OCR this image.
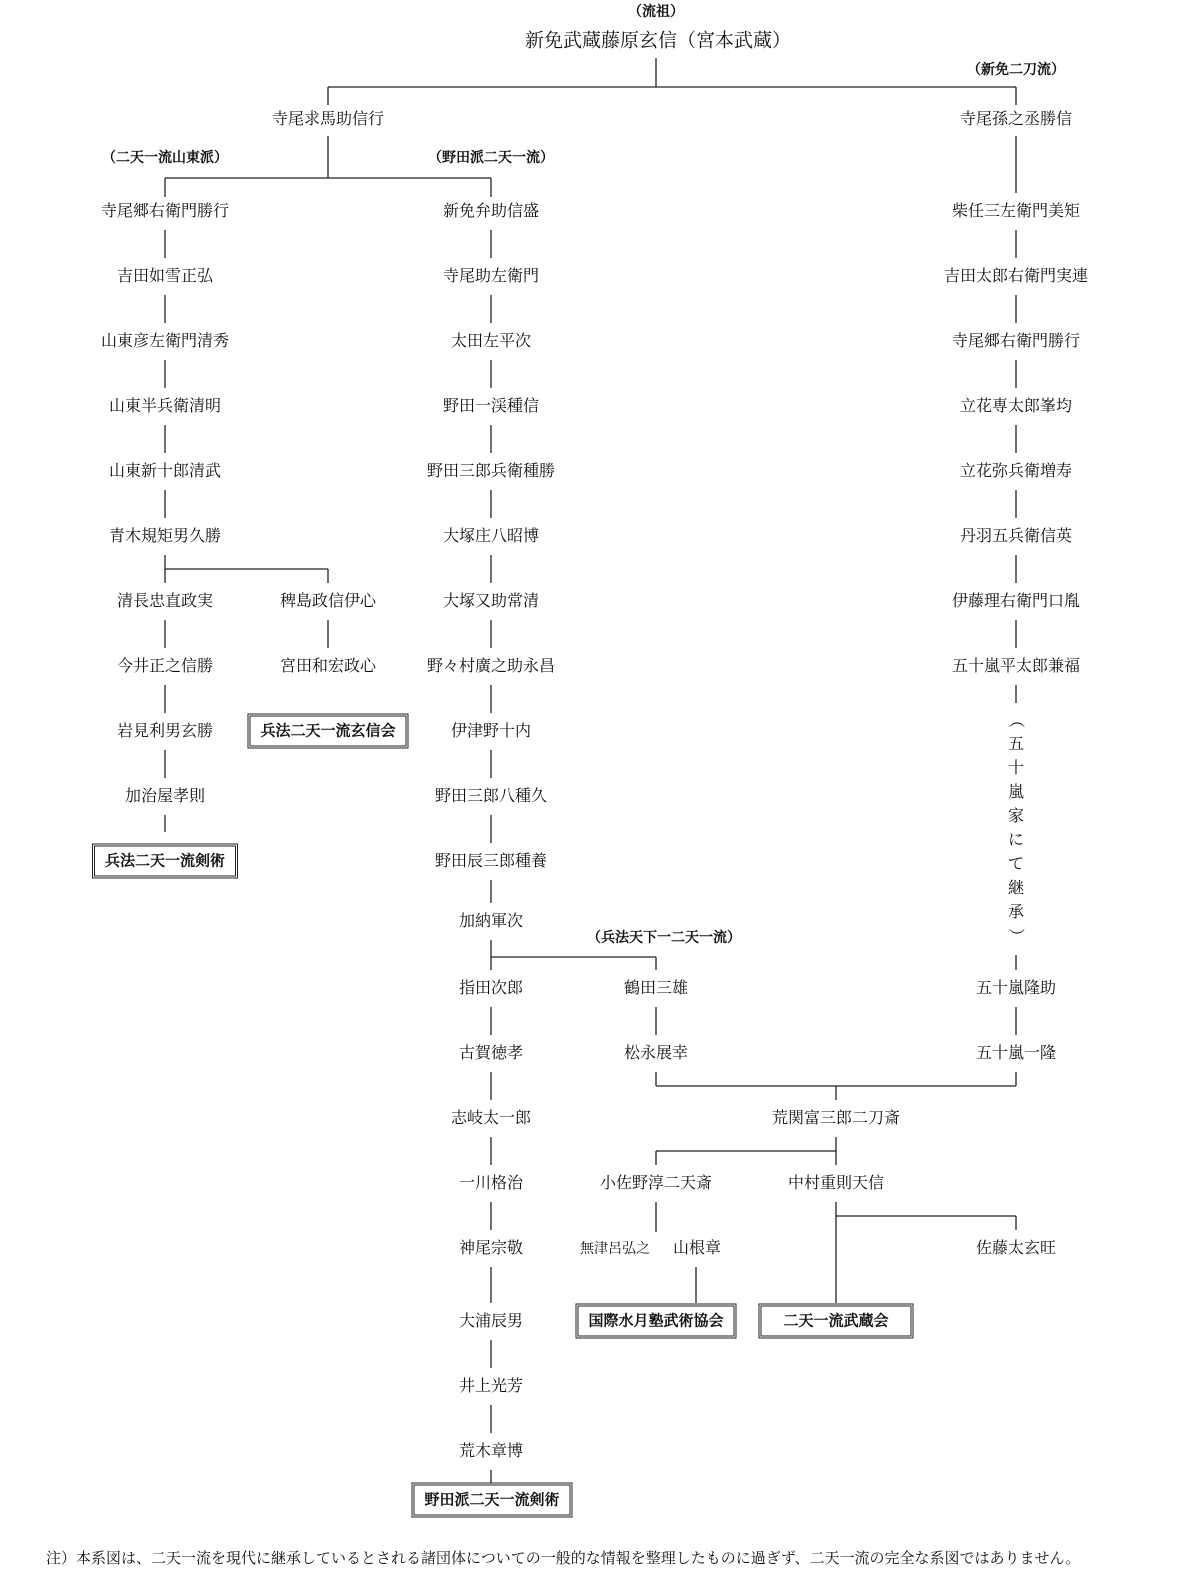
（流祖）
（新免二刀流）
（二天一流山東派）	（野田派二天一流）
（兵法天下一二天一流）
新免武蔵藤原玄信（宮本武蔵）
寺尾求馬助信行	寺尾孫之丞勝信
寺尾郷右衛門勝行
吉田如雪正弘
山東彦左衛門清秀
山東半兵衛清明
山東新十郎清武
青木規矩男久勝
清長忠直政実
今井正之信勝
岩見利男玄勝
加治屋孝則
稗島政信伊心
宮田和宏政心
新免弁助信盛
寺尾助左衛門
太田左平次
野田一渓種信
野田三郎兵衛種勝
大塚庄八昭博
大塚又助常清
野々村廣之助永昌
伊津野十内
野田三郎八種久
野田辰三郎種養
加納軍次
指田次郎
古賀徳孝
志岐太一郎
一川格治
神尾宗敬
大浦辰男
井上光芳
荒木章博
鶴田三雄
松永展幸
柴任三左衛門美矩
吉田太郎右衛門実連
寺尾郷右衛門勝行
立花専太郎峯均
立花弥兵衛増寿
丹羽五兵衛信英
伊藤理右衛門口胤
五十嵐平太郎兼福
（
五
十
嵐
家
に
て
継
承
）
五十嵐隆助
五十嵐一隆
荒関富三郎二刀斎
小佐野淳二天斎	中村重則天信
無津呂弘之 山根章	佐藤太玄旺
兵法二天一流玄信会
兵法二天一流剣術
国際水月塾武術協会	二天一流武蔵会
野田派二天一流剣術
注）本系図は、二天一流を現代に継承しているとされる諸団体についての一般的な情報を整理したものに過ぎず、二天一流の完全な系図ではありません。
